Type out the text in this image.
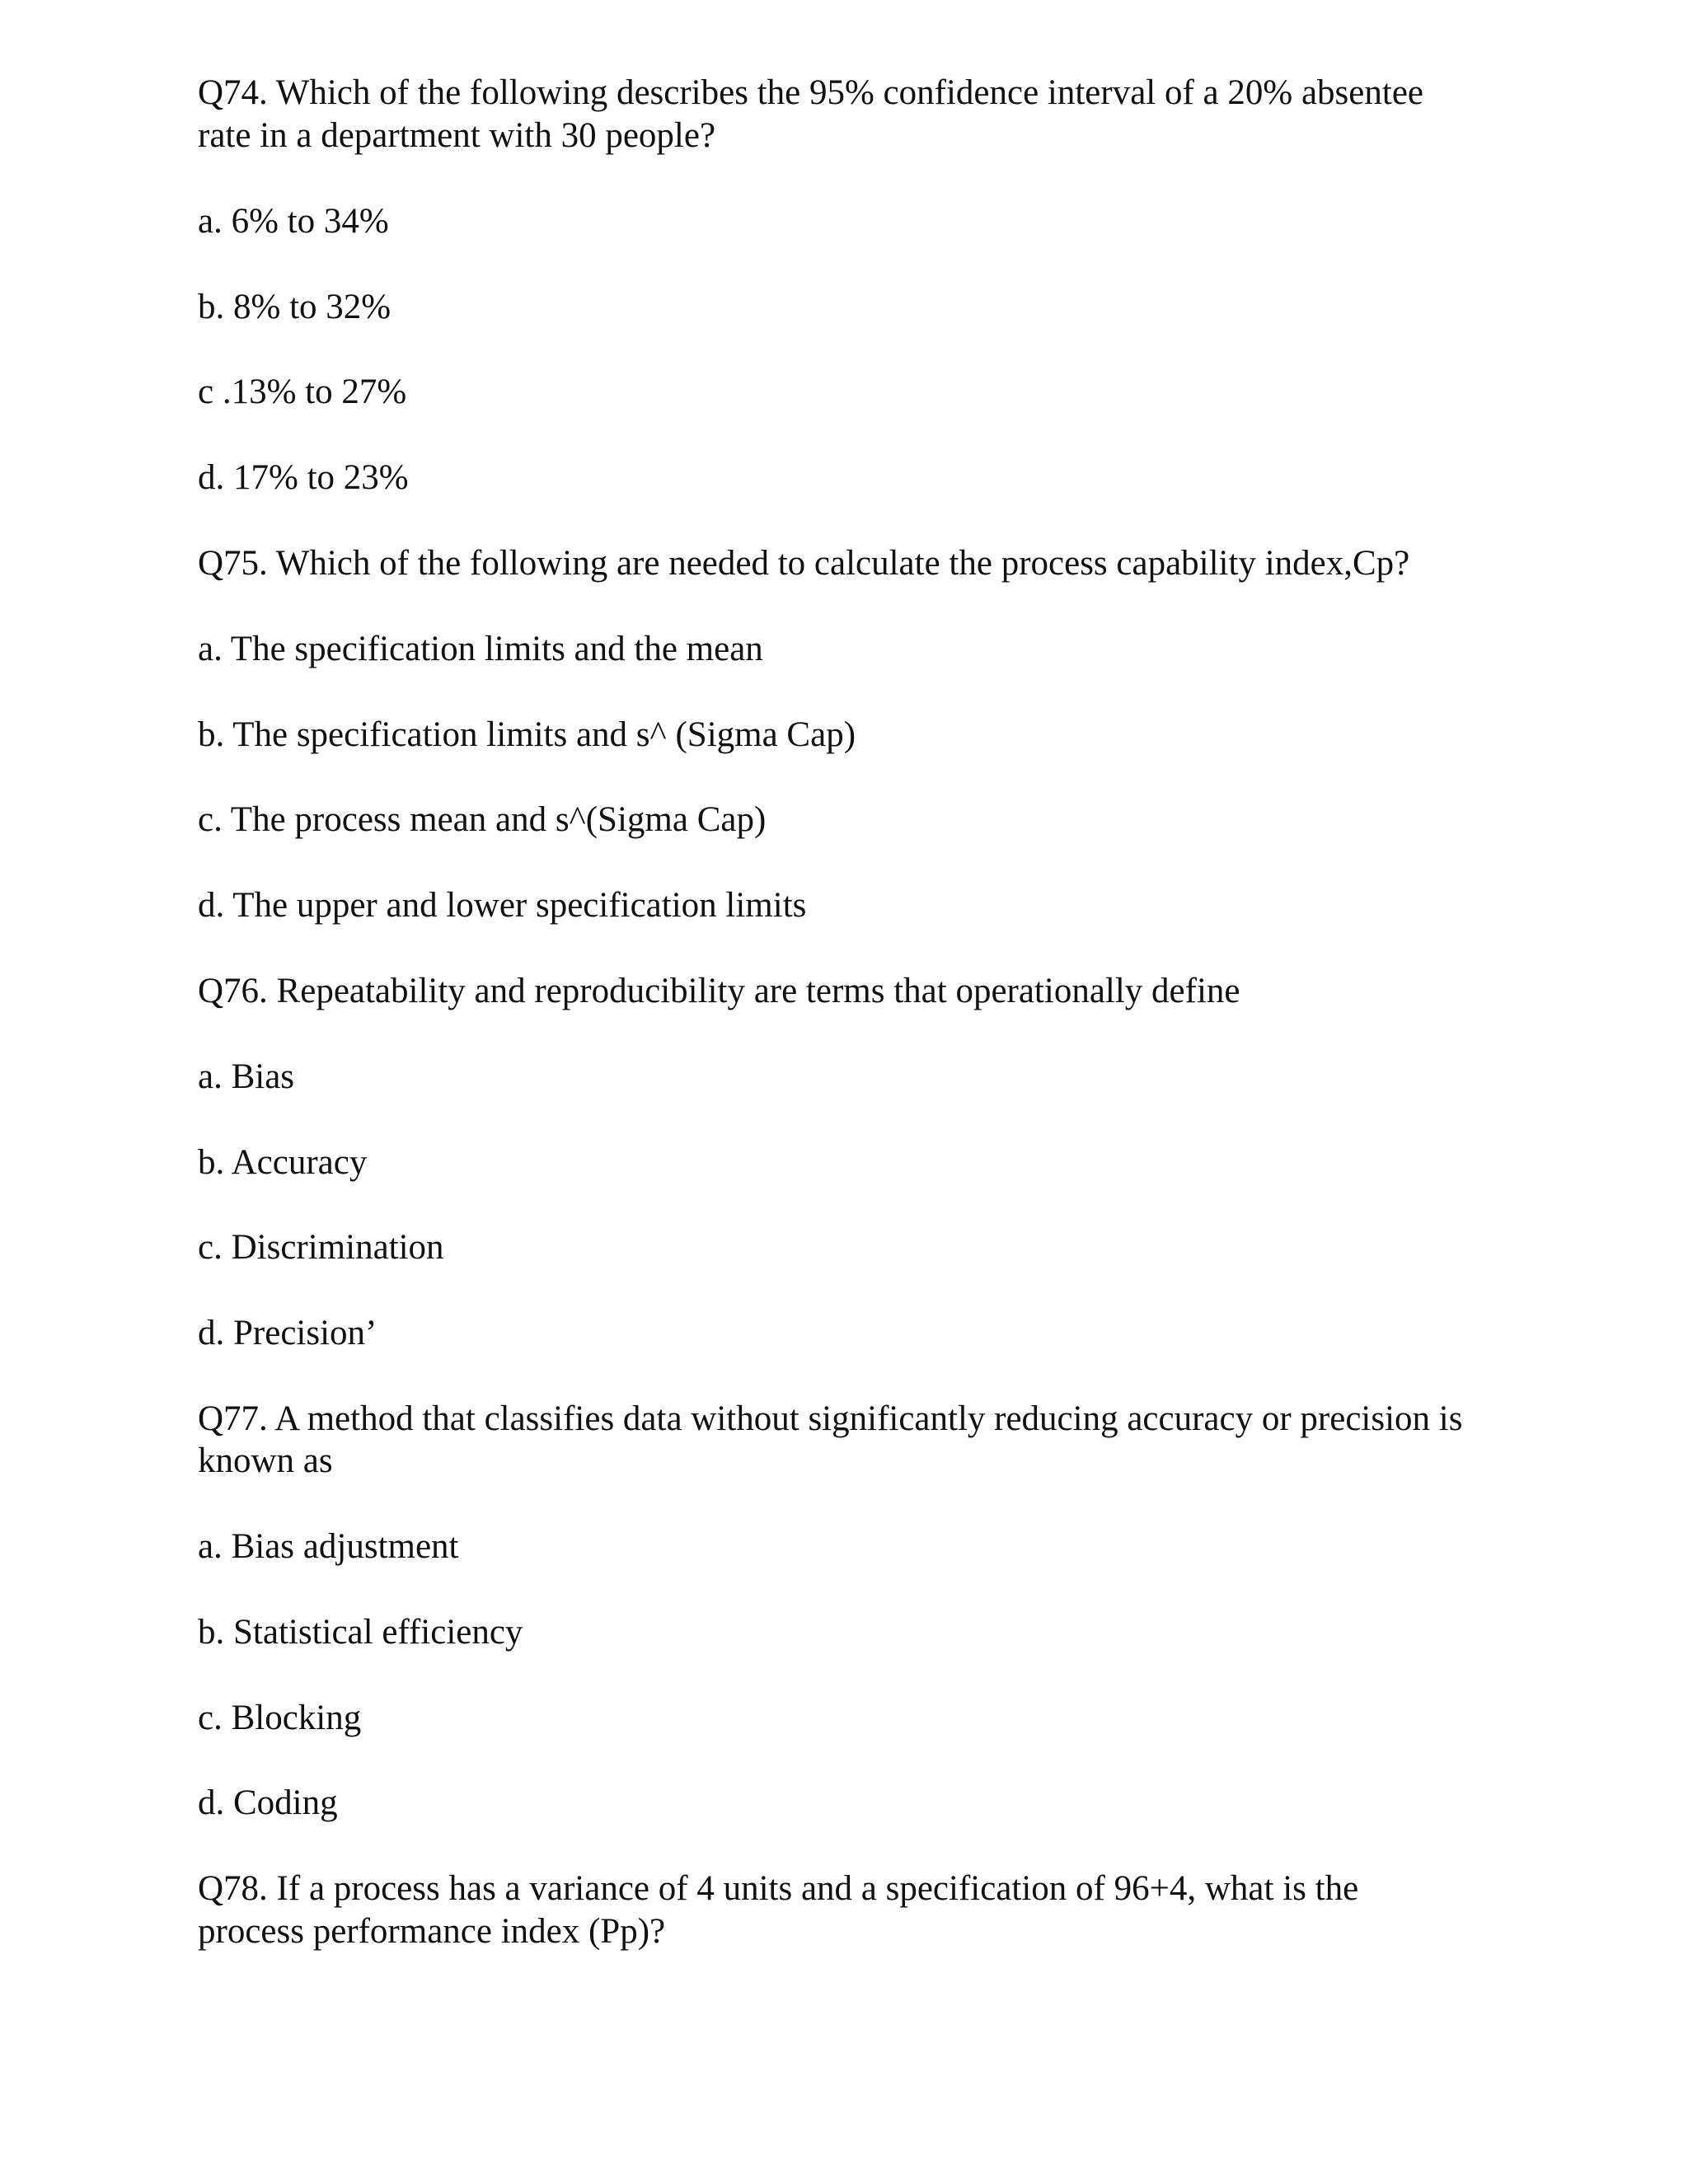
Q74. Which of the following describes the 95% confidence interval of a 20% absentee
rate in a department with 30 people?
a. 6% to 34%
b. 8% to 32%
c .13% to 27%
d. 17% to 23%
Q75. Which of the following are needed to calculate the process capability index,Cp?
a. The specification limits and the mean
b. The specification limits and s^ (Sigma Cap)
c. The process mean and s^(Sigma Cap)
d. The upper and lower specification limits
Q76. Repeatability and reproducibility are terms that operationally define
a. Bias
b. Accuracy
c. Discrimination
d. Precision’
Q77. A method that classifies data without significantly reducing accuracy or precision is
known as
a. Bias adjustment
b. Statistical efficiency
c. Blocking
d. Coding
Q78. If a process has a variance of 4 units and a specification of 96+4, what is the
process performance index (Pp)?
